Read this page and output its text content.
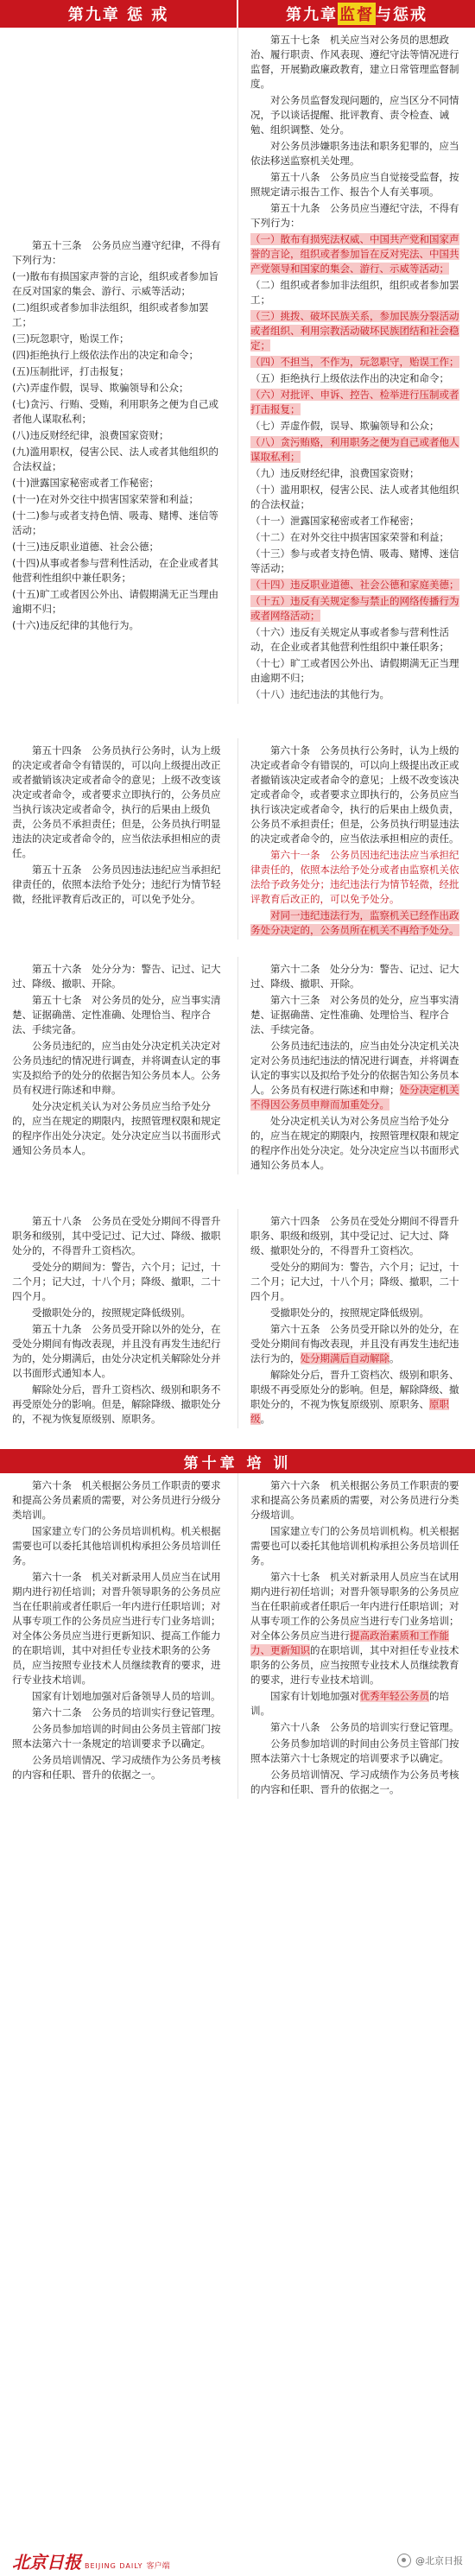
第九章 惩 戒	第九章 监督 与惩戒

第五十三条　公务员应当遵守纪律，不得有下列行为：

(一)散布有损国家声誉的言论，组织或者参加旨在反对国家的集会、游行、示威等活动；

(二)组织或者参加非法组织，组织或者参加罢工；

(三)玩忽职守，贻误工作；

(四)拒绝执行上级依法作出的决定和命令；

(五)压制批评，打击报复；

(六)弄虚作假，误导、欺骗领导和公众；

(七)贪污、行贿、受贿，利用职务之便为自己或者他人谋取私利；

(八)违反财经纪律，浪费国家资财；

(九)滥用职权，侵害公民、法人或者其他组织的合法权益；

(十)泄露国家秘密或者工作秘密；

(十一)在对外交往中损害国家荣誉和利益；

(十二)参与或者支持色情、吸毒、赌博、迷信等活动；

(十三)违反职业道德、社会公德；

(十四)从事或者参与营利性活动，在企业或者其他营利性组织中兼任职务；

(十五)旷工或者因公外出、请假期满无正当理由逾期不归；

(十六)违反纪律的其他行为。

第五十七条　机关应当对公务员的思想政治、履行职责、作风表现、遵纪守法等情况进行监督，开展勤政廉政教育，建立日常管理监督制度。

对公务员监督发现问题的，应当区分不同情况，予以谈话提醒、批评教育、责令检查、诫勉、组织调整、处分。

对公务员涉嫌职务违法和职务犯罪的，应当依法移送监察机关处理。

第五十八条　公务员应当自觉接受监督，按照规定请示报告工作、报告个人有关事项。

第五十九条　公务员应当遵纪守法，不得有下列行为：

（一）散布有损宪法权威、中国共产党和国家声誉的言论，组织或者参加旨在反对宪法、中国共产党领导和国家的集会、游行、示威等活动；

（二）组织或者参加非法组织，组织或者参加罢工；

（三）挑拨、破坏民族关系，参加民族分裂活动或者组织、利用宗教活动破坏民族团结和社会稳定；

（四）不担当，不作为，玩忽职守，贻误工作；

（五）拒绝执行上级依法作出的决定和命令；

（六）对批评、申诉、控告、检举进行压制或者打击报复；

（七）弄虚作假，误导、欺骗领导和公众；

（八）贪污贿赂，利用职务之便为自己或者他人谋取私利；

（九）违反财经纪律，浪费国家资财；

（十）滥用职权，侵害公民、法人或者其他组织的合法权益；

（十一）泄露国家秘密或者工作秘密；

（十二）在对外交往中损害国家荣誉和利益；

（十三）参与或者支持色情、吸毒、赌博、迷信等活动；

（十四）违反职业道德、社会公德和家庭美德；

（十五）违反有关规定参与禁止的网络传播行为或者网络活动；

（十六）违反有关规定从事或者参与营利性活动，在企业或者其他营利性组织中兼任职务；

（十七）旷工或者因公外出、请假期满无正当理由逾期不归；

（十八）违纪违法的其他行为。

第五十四条　公务员执行公务时，认为上级的决定或者命令有错误的，可以向上级提出改正或者撤销该决定或者命令的意见；上级不改变该决定或者命令，或者要求立即执行的，公务员应当执行该决定或者命令，执行的后果由上级负责，公务员不承担责任；但是，公务员执行明显违法的决定或者命令的，应当依法承担相应的责任。

第五十五条　公务员因违法违纪应当承担纪律责任的，依照本法给予处分；违纪行为情节轻微，经批评教育后改正的，可以免予处分。

第六十条　公务员执行公务时，认为上级的决定或者命令有错误的，可以向上级提出改正或者撤销该决定或者命令的意见；上级不改变该决定或者命令，或者要求立即执行的，公务员应当执行该决定或者命令，执行的后果由上级负责，公务员不承担责任；但是，公务员执行明显违法的决定或者命令的，应当依法承担相应的责任。

第六十一条　公务员因违纪违法应当承担纪律责任的，依照本法给予处分或者由监察机关依法给予政务处分；违纪违法行为情节轻微，经批评教育后改正的，可以免予处分。

对同一违纪违法行为，监察机关已经作出政务处分决定的，公务员所在机关不再给予处分。

第五十六条　处分分为：警告、记过、记大过、降级、撤职、开除。

第五十七条　对公务员的处分，应当事实清楚、证据确凿、定性准确、处理恰当、程序合法、手续完备。

公务员违纪的，应当由处分决定机关决定对公务员违纪的情况进行调查，并将调查认定的事实及拟给予的处分的依据告知公务员本人。公务员有权进行陈述和申辩。

处分决定机关认为对公务员应当给予处分的，应当在规定的期限内，按照管理权限和规定的程序作出处分决定。处分决定应当以书面形式通知公务员本人。

第六十二条　处分分为：警告、记过、记大过、降级、撤职、开除。

第六十三条　对公务员的处分，应当事实清楚、证据确凿、定性准确、处理恰当、程序合法、手续完备。

公务员违纪违法的，应当由处分决定机关决定对公务员违纪违法的情况进行调查，并将调查认定的事实以及拟给予处分的依据告知公务员本人。公务员有权进行陈述和申辩；处分决定机关不得因公务员申辩而加重处分。

处分决定机关认为对公务员应当给予处分的，应当在规定的期限内，按照管理权限和规定的程序作出处分决定。处分决定应当以书面形式通知公务员本人。

第五十八条　公务员在受处分期间不得晋升职务和级别，其中受记过、记大过、降级、撤职处分的，不得晋升工资档次。

受处分的期间为：警告，六个月；记过，十二个月；记大过，十八个月；降级、撤职，二十四个月。

受撤职处分的，按照规定降低级别。

第五十九条　公务员受开除以外的处分，在受处分期间有悔改表现，并且没有再发生违纪行为的，处分期满后，由处分决定机关解除处分并以书面形式通知本人。

解除处分后，晋升工资档次、级别和职务不再受原处分的影响。但是，解除降级、撤职处分的，不视为恢复原级别、原职务。

第六十四条　公务员在受处分期间不得晋升职务、职级和级别，其中受记过、记大过、降级、撤职处分的，不得晋升工资档次。

受处分的期间为：警告，六个月；记过，十二个月；记大过，十八个月；降级、撤职，二十四个月。

受撤职处分的，按照规定降低级别。

第六十五条　公务员受开除以外的处分，在受处分期间有悔改表现，并且没有再发生违纪违法行为的，处分期满后自动解除。

解除处分后，晋升工资档次、级别和职务、职级不再受原处分的影响。但是，解除降级、撤职处分的，不视为恢复原级别、原职务、原职级。

第十章 培 训

第六十条　机关根据公务员工作职责的要求和提高公务员素质的需要，对公务员进行分级分类培训。

国家建立专门的公务员培训机构。机关根据需要也可以委托其他培训机构承担公务员培训任务。

第六十一条　机关对新录用人员应当在试用期内进行初任培训；对晋升领导职务的公务员应当在任职前或者任职后一年内进行任职培训；对从事专项工作的公务员应当进行专门业务培训；对全体公务员应当进行更新知识、提高工作能力的在职培训，其中对担任专业技术职务的公务员，应当按照专业技术人员继续教育的要求，进行专业技术培训。

国家有计划地加强对后备领导人员的培训。

第六十二条　公务员的培训实行登记管理。

公务员参加培训的时间由公务员主管部门按照本法第六十一条规定的培训要求予以确定。

公务员培训情况、学习成绩作为公务员考核的内容和任职、晋升的依据之一。

第六十六条　机关根据公务员工作职责的要求和提高公务员素质的需要，对公务员进行分类分级培训。

国家建立专门的公务员培训机构。机关根据需要也可以委托其他培训机构承担公务员培训任务。

第六十七条　机关对新录用人员应当在试用期内进行初任培训；对晋升领导职务的公务员应当在任职前或者任职后一年内进行任职培训；对从事专项工作的公务员应当进行专门业务培训；对全体公务员应当进行提高政治素质和工作能力、更新知识的在职培训，其中对担任专业技术职务的公务员，应当按照专业技术人员继续教育的要求，进行专业技术培训。

国家有计划地加强对优秀年轻公务员的培训。

第六十八条　公务员的培训实行登记管理。

公务员参加培训的时间由公务员主管部门按照本法第六十七条规定的培训要求予以确定。

公务员培训情况、学习成绩作为公务员考核的内容和任职、晋升的依据之一。

北京日报 BEIJING DAILY 客户端	@北京日报
